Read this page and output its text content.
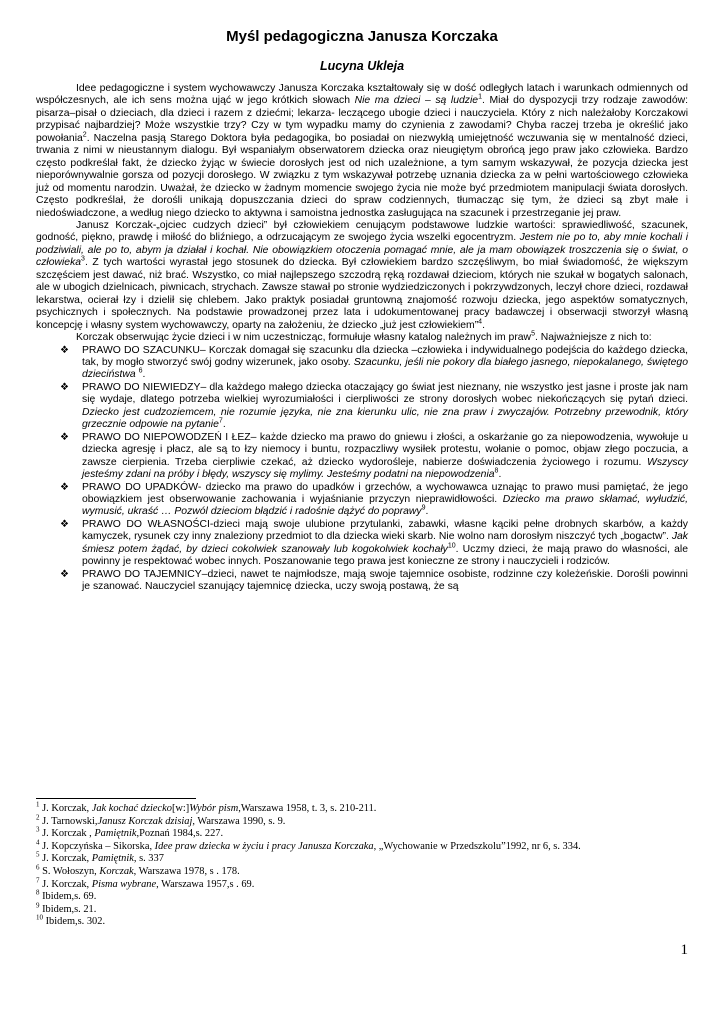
Myśl pedagogiczna Janusza Korczaka
Lucyna Ukleja

Idee pedagogiczne i system wychowawczy Janusza Korczaka kształtowały się w dość odległych latach i warunkach odmiennych od współczesnych, ale ich sens można ująć w jego krótkich słowach Nie ma dzieci – są ludzie$^1$. Miał do dyspozycji trzy rodzaje zawodów: pisarza–pisał o dzieciach, dla dzieci i razem z dziećmi; lekarza- leczącego ubogie dzieci i nauczyciela. Który z nich należałoby Korczakowi przypisać najbardziej? Może wszystkie trzy? Czy w tym wypadku mamy do czynienia z zawodami? Chyba raczej trzeba je określić jako powołania$^2$. Naczelna pasją Starego Doktora była pedagogika, bo posiadał on niezwykłą umiejętność wczuwania się w mentalność dzieci, trwania z nimi w nieustannym dialogu. Był wspaniałym obserwatorem dziecka oraz nieugiętym obrońcą jego praw jako człowieka. Bardzo często podkreślał fakt, że dziecko żyjąc w świecie dorosłych jest od nich uzależnione, a tym samym wskazywał, że pozycja dziecka jest nieporównywalnie gorsza od pozycji dorosłego. W związku z tym wskazywał potrzebę uznania dziecka za w pełni wartościowego człowieka już od momentu narodzin. Uważał, że dziecko w żadnym momencie swojego życia nie może być przedmiotem manipulacji świata dorosłych. Często podkreślał, że dorośli unikają dopuszczania dzieci do spraw codziennych, tłumacząc się tym, że dzieci są zbyt małe i niedoświadczone, a według niego dziecko to aktywna i samoistna jednostka zasługująca na szacunek i przestrzeganie jej praw.

Janusz Korczak-„ojciec cudzych dzieci” był człowiekiem cenującym podstawowe ludzkie wartości: sprawiedliwość, szacunek, godność, piękno, prawdę i miłość do bliźniego, a odrzucającym ze swojego życia wszelki egocentryzm. Jestem nie po to, aby mnie kochali i podziwiali, ale po to, abym ja działał i kochał. Nie obowiązkiem otoczenia pomagać mnie, ale ja mam obowiązek troszczenia się o świat, o człowieka$^3$. Z tych wartości wyrastał jego stosunek do dziecka. Był człowiekiem bardzo szczęśliwym, bo miał świadomość, że większym szczęściem jest dawać, niż brać. Wszystko, co miał najlepszego szczodrą ręką rozdawał dzieciom, których nie szukał w bogatych salonach, ale w ubogich dzielnicach, piwnicach, strychach. Zawsze stawał po stronie wydziedziczonych i pokrzywdzonych, leczył chore dzieci, rozdawał lekarstwa, ocierał łzy i dzielił się chlebem. Jako praktyk posiadał gruntowną znajomość rozwoju dziecka, jego aspektów somatycznych, psychicznych i społecznych. Na podstawie prowadzonej przez lata i udokumentowanej pracy badawczej i obserwacji stworzył własną koncepcję i własny system wychowawczy, oparty na założeniu, że dziecko „już jest człowiekiem”$^4$.

Korczak obserwując życie dzieci i w nim uczestnicząc, formułuje własny katalog należnych im praw$^5$. Najważniejsze z nich to:

❖ PRAWO DO SZACUNKU– Korczak domagał się szacunku dla dziecka –człowieka i indywidualnego podejścia do każdego dziecka, tak, by mogło stworzyć swój godny wizerunek, jako osoby. Szacunku, jeśli nie pokory dla białego jasnego, niepokalanego, świętego dzieciństwa $^6$.
❖ PRAWO DO NIEWIEDZY– dla każdego małego dziecka otaczający go świat jest nieznany, nie wszystko jest jasne i proste jak nam się wydaje, dlatego potrzeba wielkiej wyrozumiałości i cierpliwości ze strony dorosłych wobec niekończących się pytań dzieci. Dziecko jest cudzoziemcem, nie rozumie języka, nie zna kierunku ulic, nie zna praw i zwyczajów. Potrzebny przewodnik, który grzecznie odpowie na pytanie$^7$.
❖ PRAWO DO NIEPOWODZEŃ I ŁEZ– każde dziecko ma prawo do gniewu i złości, a oskarżanie go za niepowodzenia, wywołuje u dziecka agresję i płacz, ale są to łzy niemocy i buntu, rozpaczliwy wysiłek protestu, wołanie o pomoc, objaw złego poczucia, a zawsze cierpienia. Trzeba cierpliwie czekać, aż dziecko wydorośleje, nabierze doświadczenia życiowego i rozumu. Wszyscy jesteśmy zdani na próby i błędy, wszyscy się mylimy. Jesteśmy podatni na niepowodzenia$^8$.
❖ PRAWO DO UPADKÓW- dziecko ma prawo do upadków i grzechów, a wychowawca uznając to prawo musi pamiętać, że jego obowiązkiem jest obserwowanie zachowania i wyjaśnianie przyczyn nieprawidłowości. Dziecko ma prawo skłamać, wyłudzić, wymusić, ukraść … Pozwól dzieciom błądzić i radośnie dążyć do poprawy$^9$.
❖ PRAWO DO WŁASNOŚCI-dzieci mają swoje ulubione przytulanki, zabawki, własne kąciki pełne drobnych skarbów, a każdy kamyczek, rysunek czy inny znaleziony przedmiot to dla dziecka wieki skarb. Nie wolno nam dorosłym niszczyć tych „bogactw”. Jak śmiesz potem żądać, by dzieci cokolwiek szanowały lub kogokolwiek kochały$^{10}$. Uczmy dzieci, że mają prawo do własności, ale powinny je respektować wobec innych. Poszanowanie tego prawa jest konieczne ze strony i nauczycieli i rodziców.
❖ PRAWO DO TAJEMNICY–dzieci, nawet te najmłodsze, mają swoje tajemnice osobiste, rodzinne czy koleżeńskie. Dorośli powinni je szanować. Nauczyciel szanujący tajemnicę dziecka, uczy swoją postawą, że są

$^1$ J. Korczak, Jak kochać dziecko[w:]Wybór pism,Warszawa 1958, t. 3, s. 210-211.

$^2$ J. Tarnowski,Janusz Korczak dzisiaj, Warszawa 1990, s. 9.

$^3$ J. Korczak , Pamiętnik,Poznań 1984,s. 227.

$^4$ J. Kopczyńska – Sikorska, Idee praw dziecka w życiu i pracy Janusza Korczaka, „Wychowanie w Przedszkolu”1992, nr 6, s. 334.

$^5$ J. Korczak, Pamiętnik, s. 337

$^6$ S. Wołoszyn, Korczak, Warszawa 1978, s . 178.

$^7$ J. Korczak, Pisma wybrane, Warszawa 1957,s . 69.

$^8$ Ibidem,s. 69.

$^9$ Ibidem,s. 21.

$^{10}$ Ibidem,s. 302.

1
